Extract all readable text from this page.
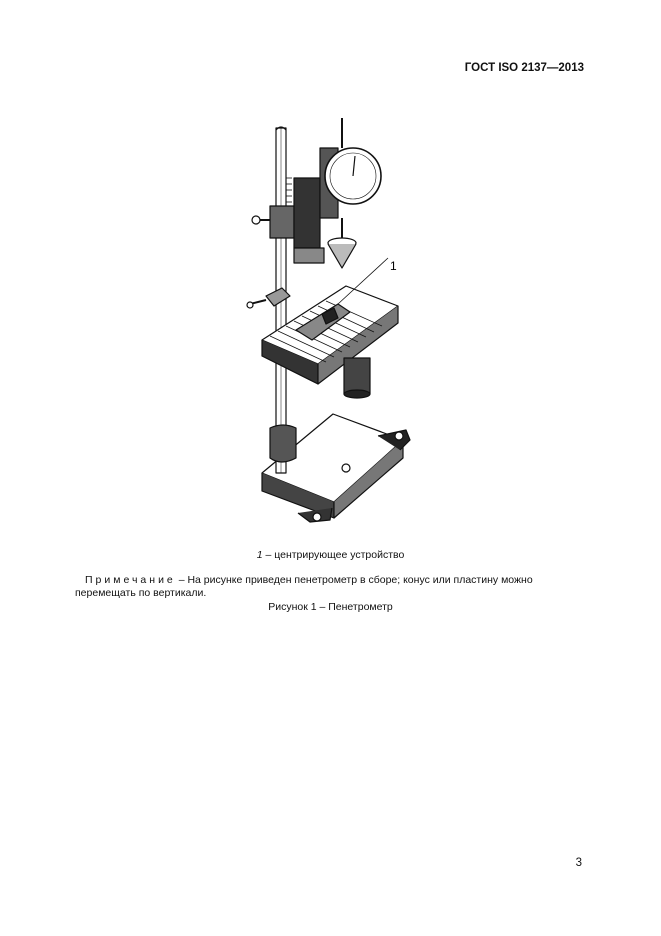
ГОСТ ISO 2137—2013
1
1 – центрирующее устройство
Примечание – На рисунке приведен пенетрометр в сборе; конус или пластину можно перемещать по вертикали.
Рисунок 1 – Пенетрометр
3
